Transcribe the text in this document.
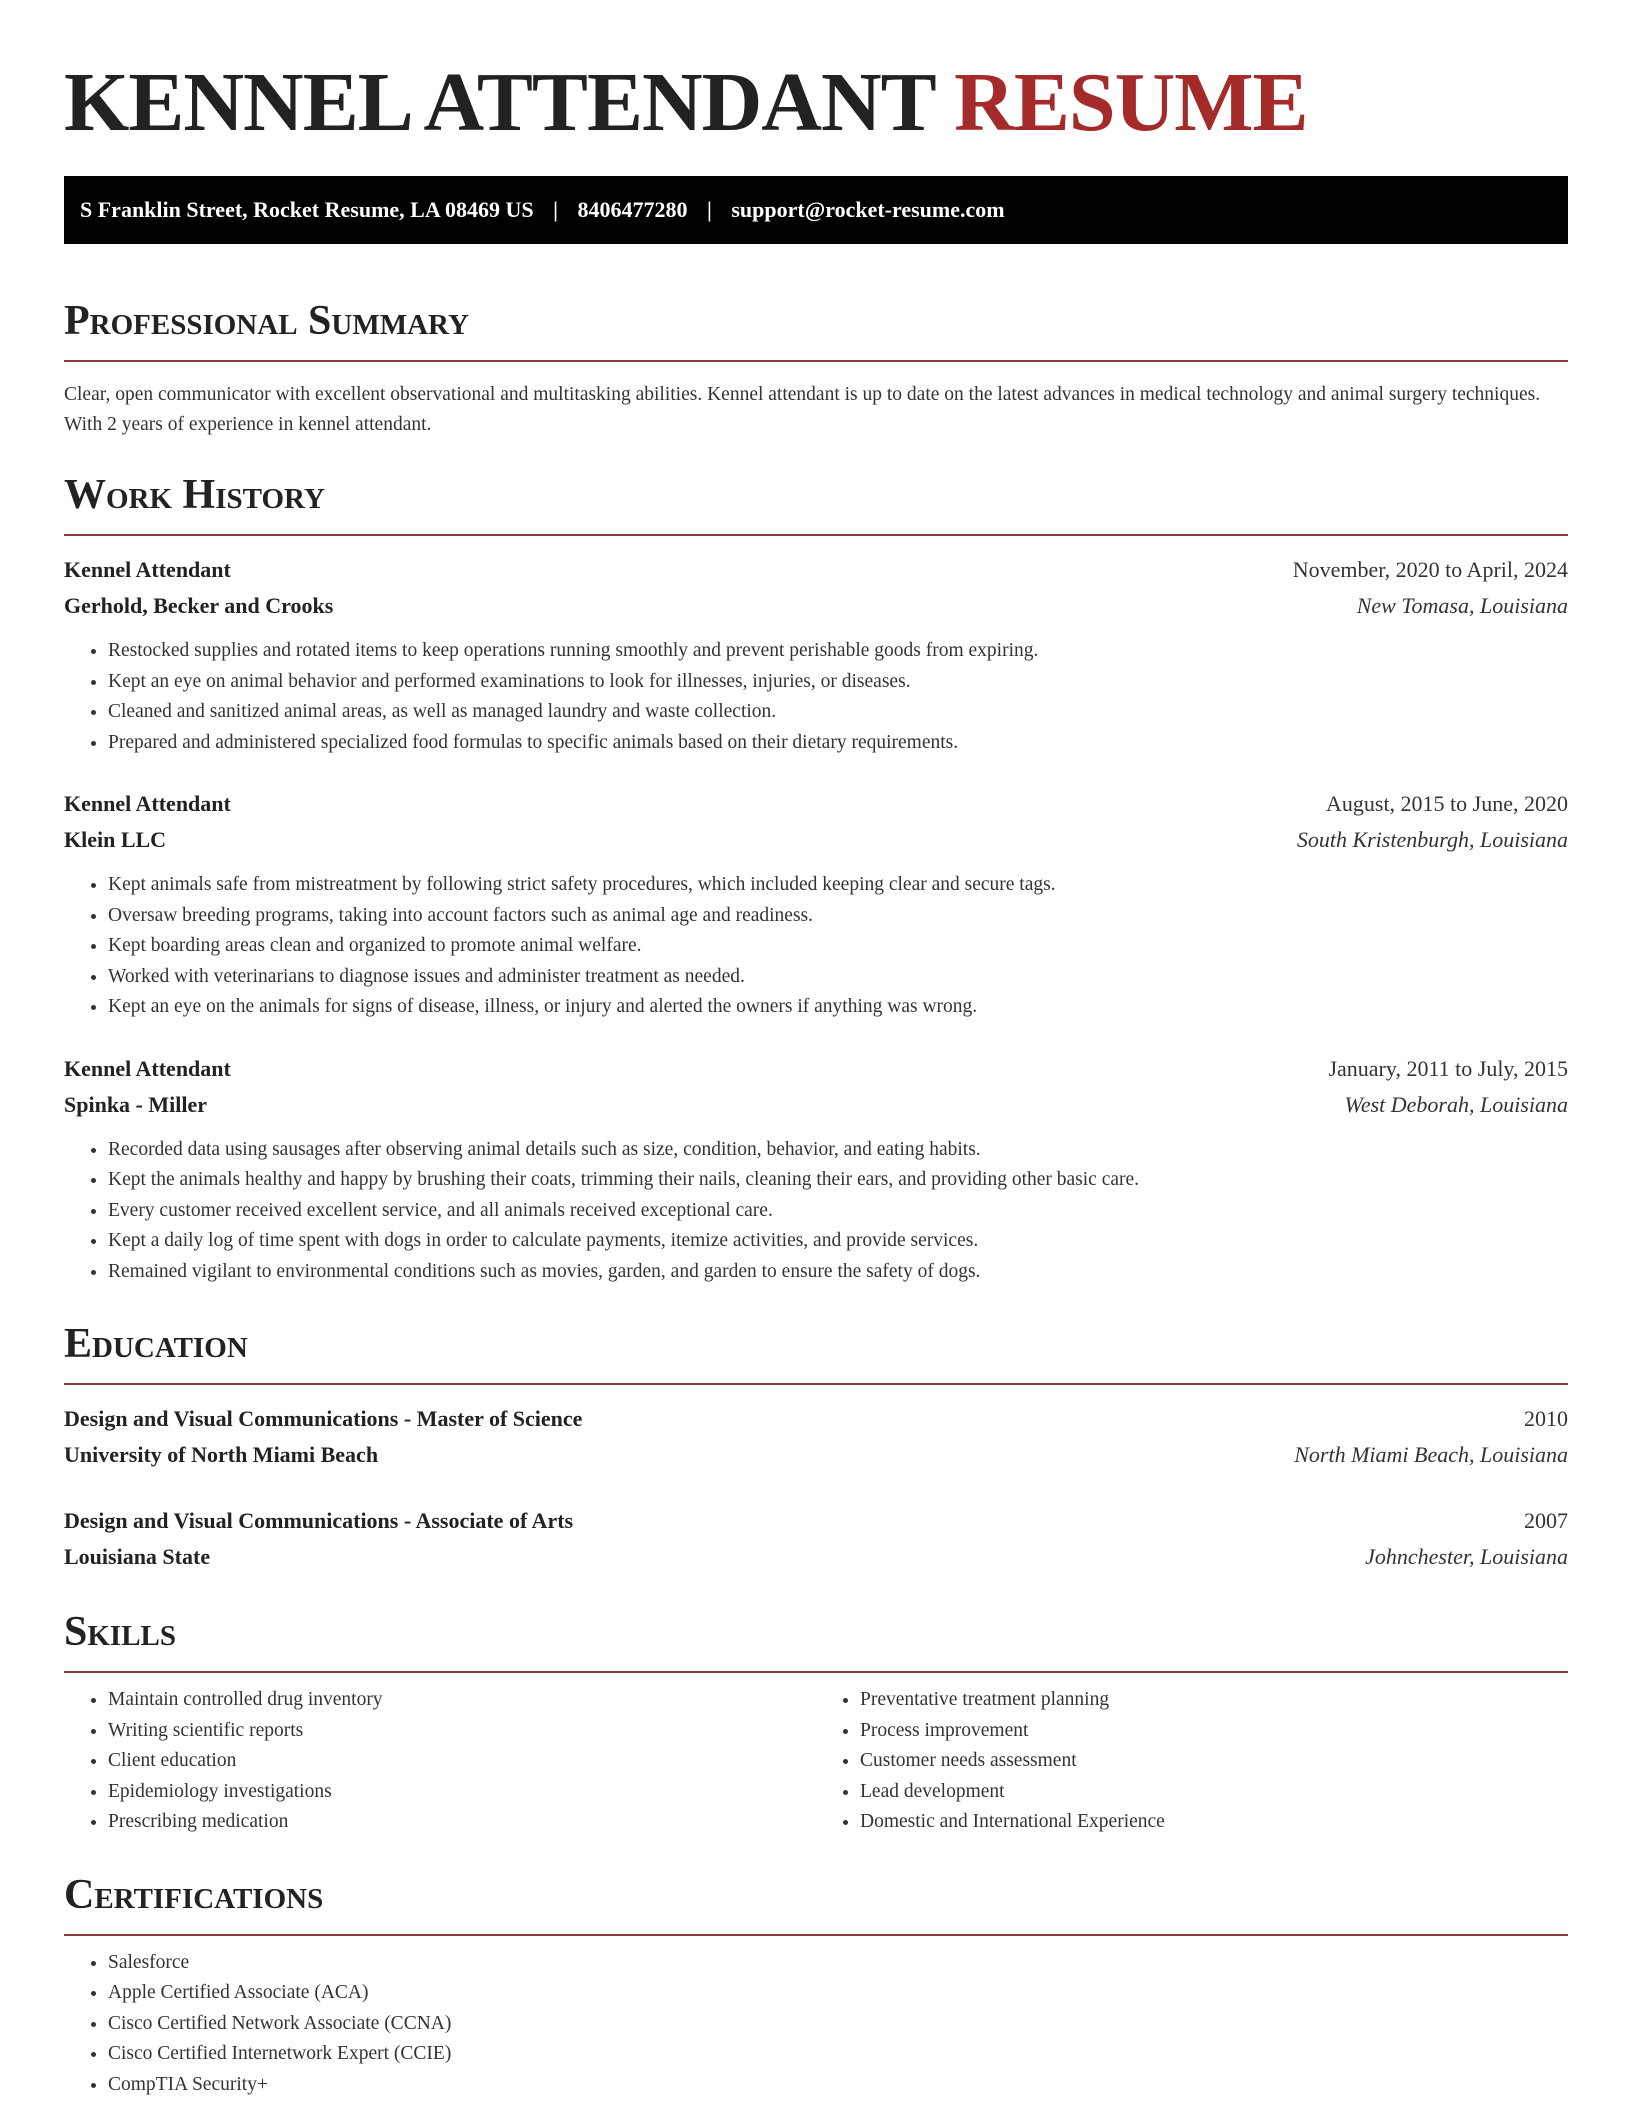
KENNEL ATTENDANT RESUME
S Franklin Street, Rocket Resume, LA 08469 US | 8406477280 | support@rocket-resume.com
Professional Summary

Clear, open communicator with excellent observational and multitasking abilities. Kennel attendant is up to date on the latest advances in medical technology and animal surgery techniques. With 2 years of experience in kennel attendant.

Work History
Kennel Attendant	November, 2020 to April, 2024
Gerhold, Becker and Crooks	New Tomasa, Louisiana
• Restocked supplies and rotated items to keep operations running smoothly and prevent perishable goods from expiring.
• Kept an eye on animal behavior and performed examinations to look for illnesses, injuries, or diseases.
• Cleaned and sanitized animal areas, as well as managed laundry and waste collection.
• Prepared and administered specialized food formulas to specific animals based on their dietary requirements.
Kennel Attendant	August, 2015 to June, 2020
Klein LLC	South Kristenburgh, Louisiana
• Kept animals safe from mistreatment by following strict safety procedures, which included keeping clear and secure tags.
• Oversaw breeding programs, taking into account factors such as animal age and readiness.
• Kept boarding areas clean and organized to promote animal welfare.
• Worked with veterinarians to diagnose issues and administer treatment as needed.
• Kept an eye on the animals for signs of disease, illness, or injury and alerted the owners if anything was wrong.
Kennel Attendant	January, 2011 to July, 2015
Spinka - Miller	West Deborah, Louisiana
• Recorded data using sausages after observing animal details such as size, condition, behavior, and eating habits.
• Kept the animals healthy and happy by brushing their coats, trimming their nails, cleaning their ears, and providing other basic care.
• Every customer received excellent service, and all animals received exceptional care.
• Kept a daily log of time spent with dogs in order to calculate payments, itemize activities, and provide services.
• Remained vigilant to environmental conditions such as movies, garden, and garden to ensure the safety of dogs.
Education
Design and Visual Communications - Master of Science	2010
University of North Miami Beach	North Miami Beach, Louisiana
Design and Visual Communications - Associate of Arts	2007
Louisiana State	Johnchester, Louisiana
Skills
• Maintain controlled drug inventory
• Writing scientific reports
• Client education
• Epidemiology investigations
• Prescribing medication
• Preventative treatment planning
• Process improvement
• Customer needs assessment
• Lead development
• Domestic and International Experience
Certifications
• Salesforce
• Apple Certified Associate (ACA)
• Cisco Certified Network Associate (CCNA)
• Cisco Certified Internetwork Expert (CCIE)
• CompTIA Security+
